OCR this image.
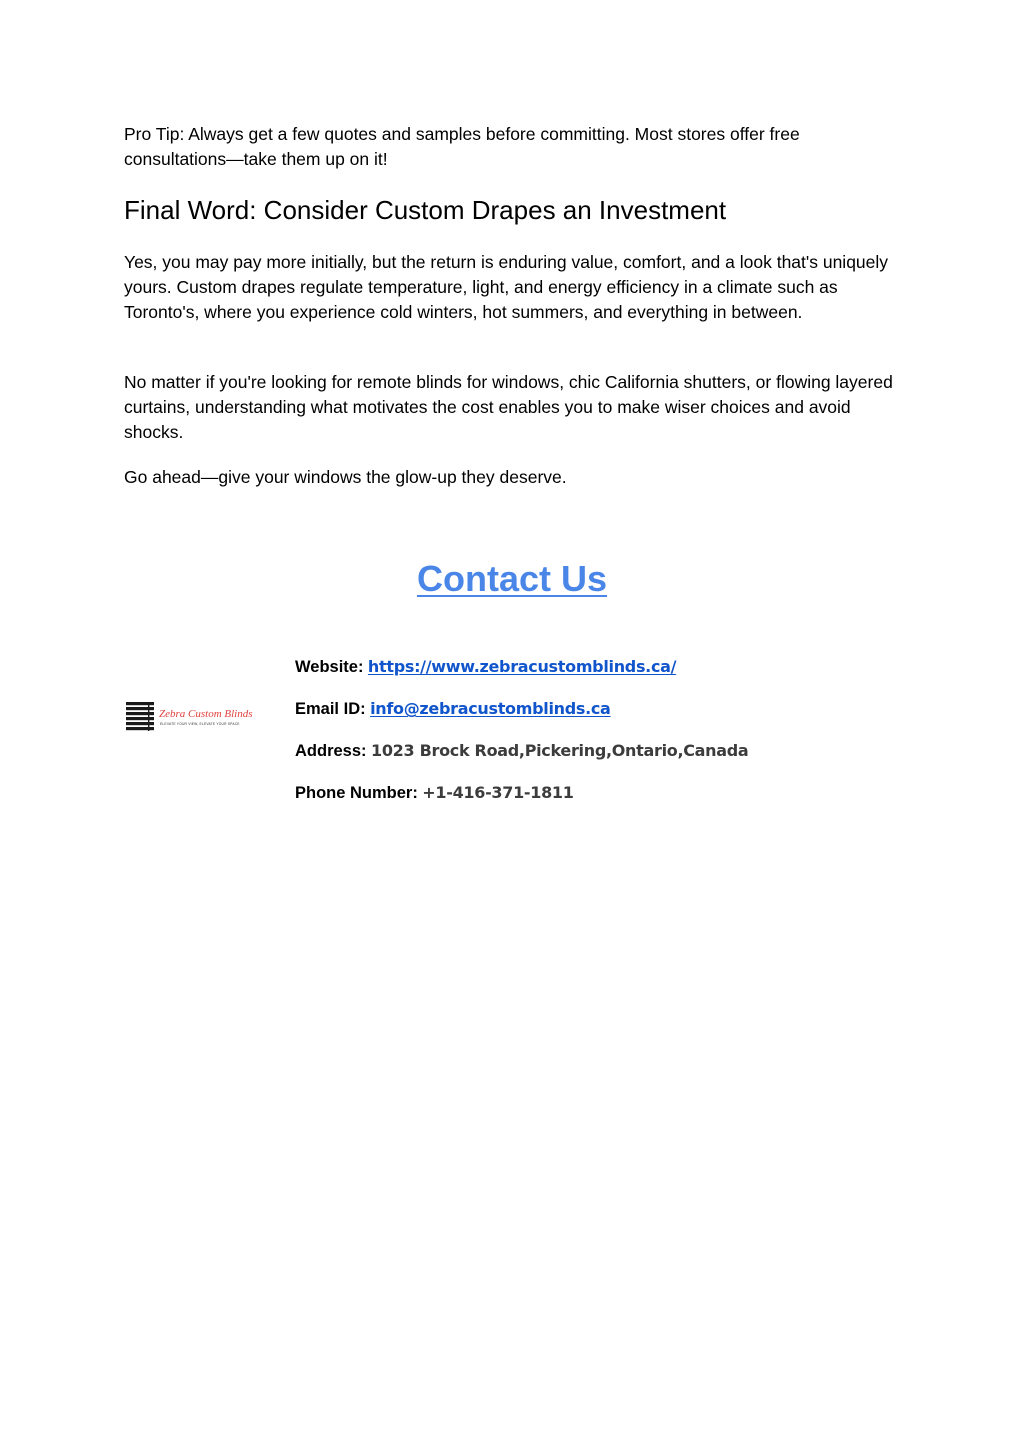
Pro Tip: Always get a few quotes and samples before committing. Most stores offer free consultations—take them up on it!

Final Word: Consider Custom Drapes an Investment

Yes, you may pay more initially, but the return is enduring value, comfort, and a look that's uniquely yours. Custom drapes regulate temperature, light, and energy efficiency in a climate such as Toronto's, where you experience cold winters, hot summers, and everything in between.

No matter if you're looking for remote blinds for windows, chic California shutters, or flowing layered curtains, understanding what motivates the cost enables you to make wiser choices and avoid shocks.

Go ahead—give your windows the glow-up they deserve.

Contact Us
Zebra Custom Blinds
ELEVATE YOUR VIEW, ELEVATE YOUR SPACE

Website: https://www.zebracustomblinds.ca/

Email ID: info@zebracustomblinds.ca

Address: 1023 Brock Road,Pickering,Ontario,Canada

Phone Number: +1-416-371-1811
